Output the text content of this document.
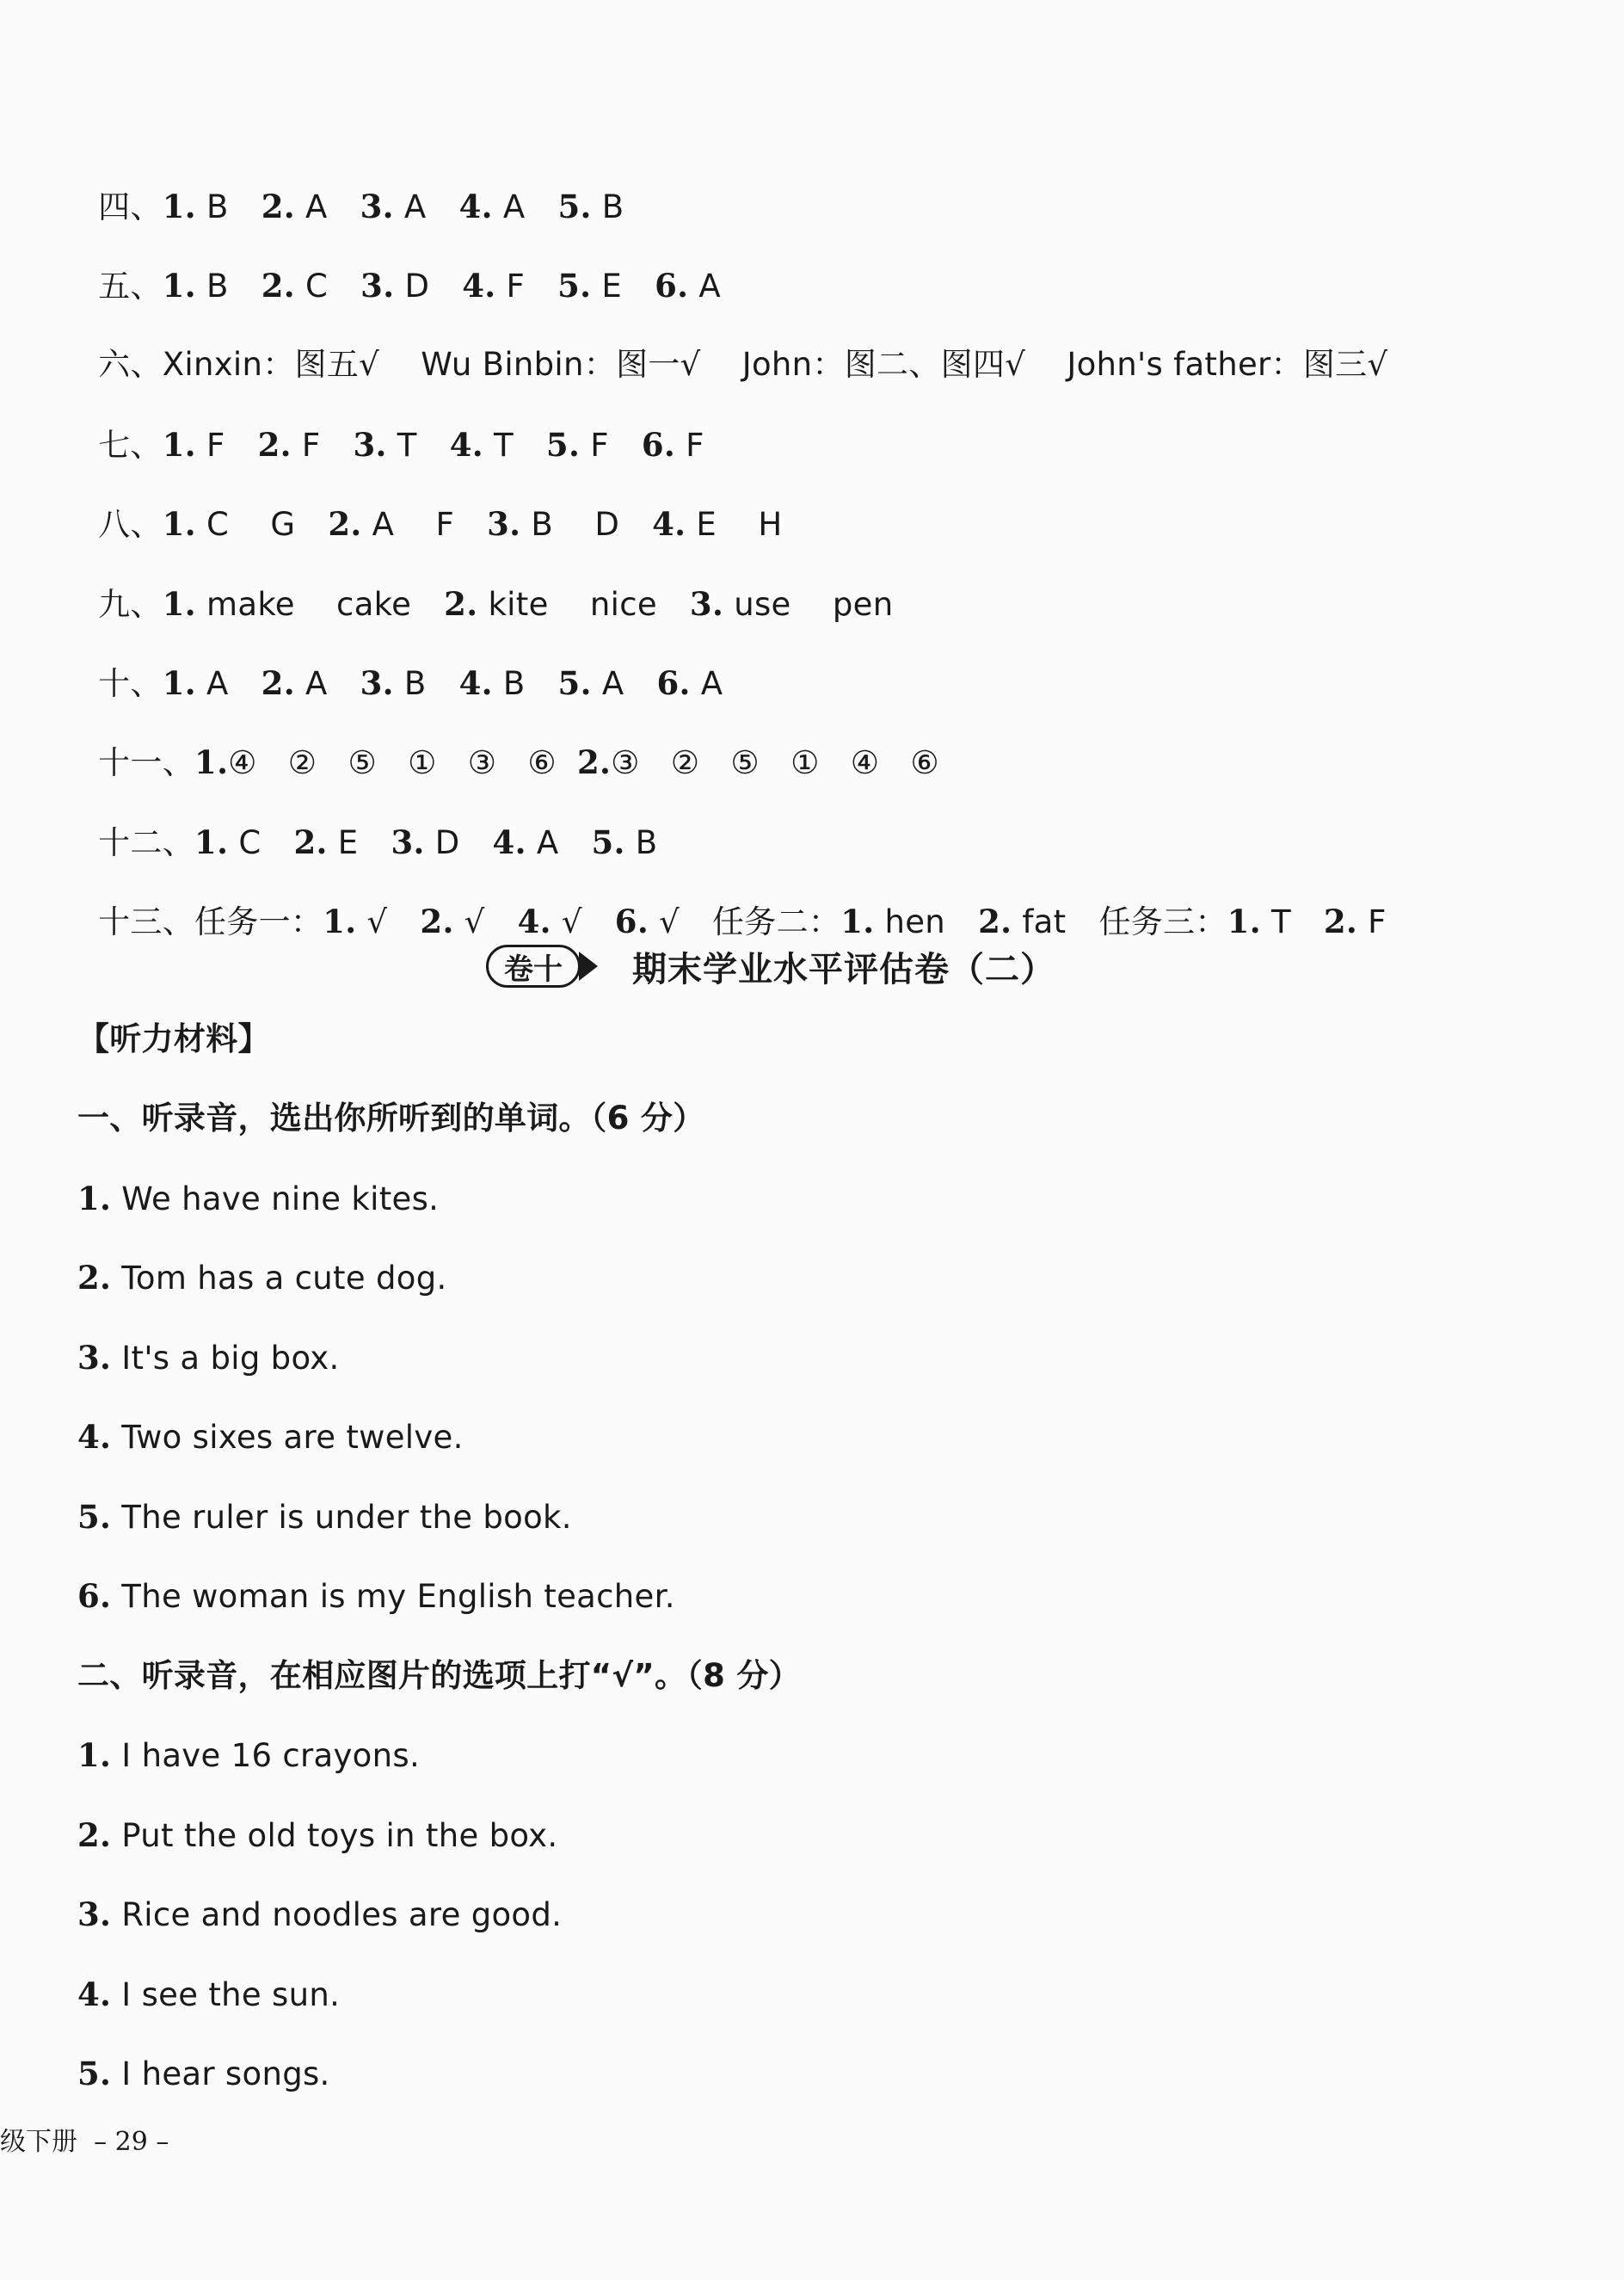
四、1. B 2. A 3. A 4. A 5. B

五、1. B 2. C 3. D 4. F 5. E 6. A

六、Xinxin：图五√    Wu Binbin：图一√    John：图二、图四√    John's father：图三√

七、1. F 2. F 3. T 4. T 5. F 6. F

八、1. C    G 2. A    F 3. B    D 4. E    H

九、1. make    cake 2. kite    nice 3. use    pen

十、1. A 2. A 3. B 4. B 5. A 6. A

十一、1.④   ②   ⑤   ①   ③   ⑥ 2.③   ②   ⑤   ①   ④   ⑥

十二、1. C 2. E 3. D 4. A 5. B

十三、任务一：1. √ 2. √ 4. √ 6. √ 任务二：1. hen 2. fat 任务三：1. T 2. F

卷十	期末学业水平评估卷（二）
【听力材料】
一、听录音，选出你所听到的单词。（6 分）
1. We have nine kites.
2. Tom has a cute dog.
3. It's a big box.
4. Two sixes are twelve.
5. The ruler is under the book.
6. The woman is my English teacher.
二、听录音，在相应图片的选项上打“√”。（8 分）
1. I have 16 crayons.
2. Put the old toys in the box.
3. Rice and noodles are good.
4. I see the sun.
5. I hear songs.
级下册  – 29 –
